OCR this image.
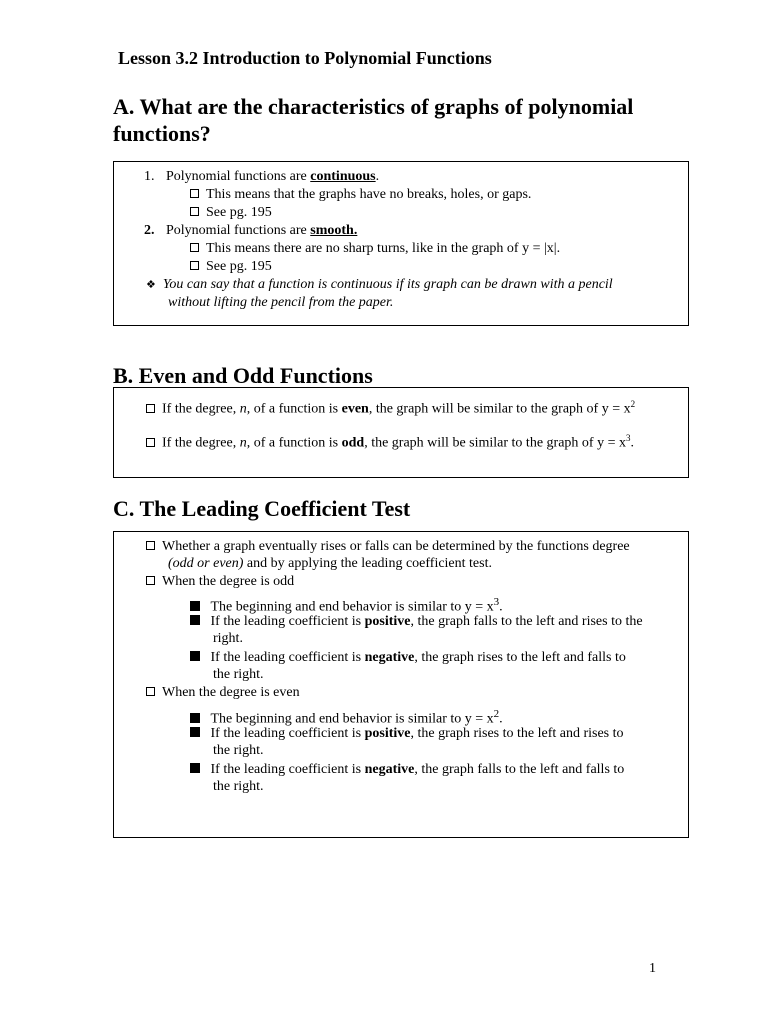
Lesson 3.2 Introduction to Polynomial Functions
A. What are the characteristics of graphs of polynomial functions?
1. Polynomial functions are continuous.
This means that the graphs have no breaks, holes, or gaps.
See pg. 195
2. Polynomial functions are smooth.
This means there are no sharp turns, like in the graph of y = |x|.
See pg. 195
❖ You can say that a function is continuous if its graph can be drawn with a pencil
without lifting the pencil from the paper.
B. Even and Odd Functions
If the degree, n, of a function is even, the graph will be similar to the graph of $y = x^2$
If the degree, n, of a function is odd, the graph will be similar to the graph of $y = x^3$.
C. The Leading Coefficient Test
Whether a graph eventually rises or falls can be determined by the functions degree
(odd or even) and by applying the leading coefficient test.
When the degree is odd
The beginning and end behavior is similar to $y = x^3$.
If the leading coefficient is positive, the graph falls to the left and rises to the
right.
If the leading coefficient is negative, the graph rises to the left and falls to
the right.
When the degree is even
The beginning and end behavior is similar to $y = x^2$.
If the leading coefficient is positive, the graph rises to the left and rises to
the right.
If the leading coefficient is negative, the graph falls to the left and falls to
the right.
1
